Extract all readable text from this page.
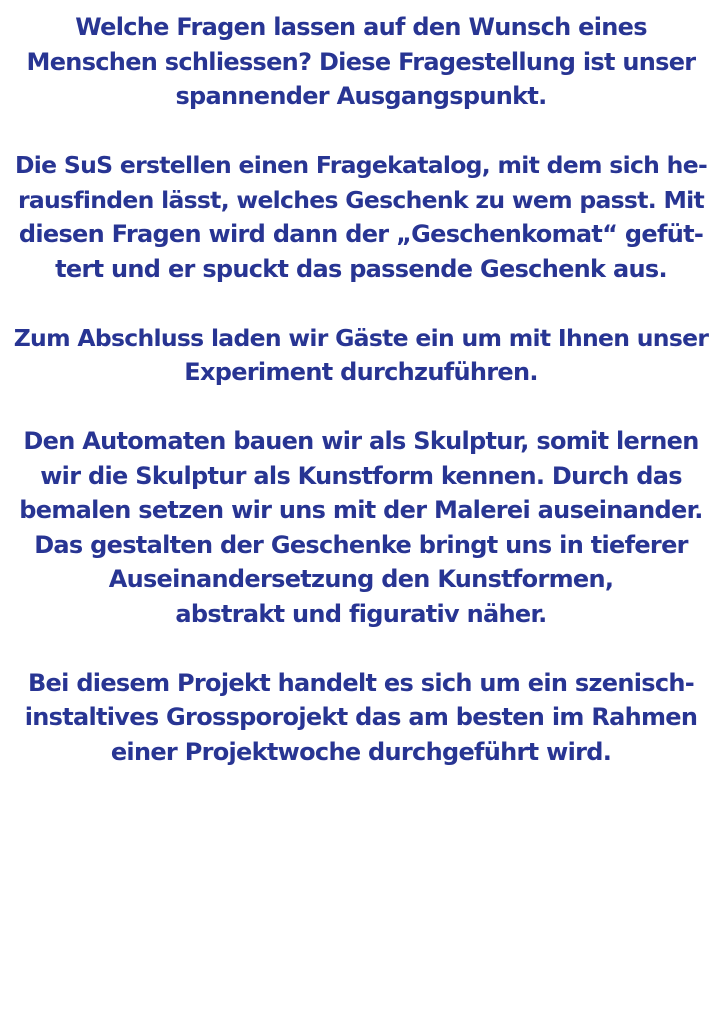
Welche Fragen lassen auf den Wunsch eines
Menschen schliessen? Diese Fragestellung ist unser
spannender Ausgangspunkt.

Die SuS erstellen einen Fragekatalog, mit dem sich he-
rausfinden lässt, welches Geschenk zu wem passt. Mit
diesen Fragen wird dann der „Geschenkomat“ gefüt-
tert und er spuckt das passende Geschenk aus.

Zum Abschluss laden wir Gäste ein um mit Ihnen unser
Experiment durchzuführen.

Den Automaten bauen wir als Skulptur, somit lernen
wir die Skulptur als Kunstform kennen. Durch das
bemalen setzen wir uns mit der Malerei auseinander.
Das gestalten der Geschenke bringt uns in tieferer
Auseinandersetzung den Kunstformen,
abstrakt und figurativ näher.

Bei diesem Projekt handelt es sich um ein szenisch-
instaltives Grossporojekt das am besten im Rahmen
einer Projektwoche durchgeführt wird.
